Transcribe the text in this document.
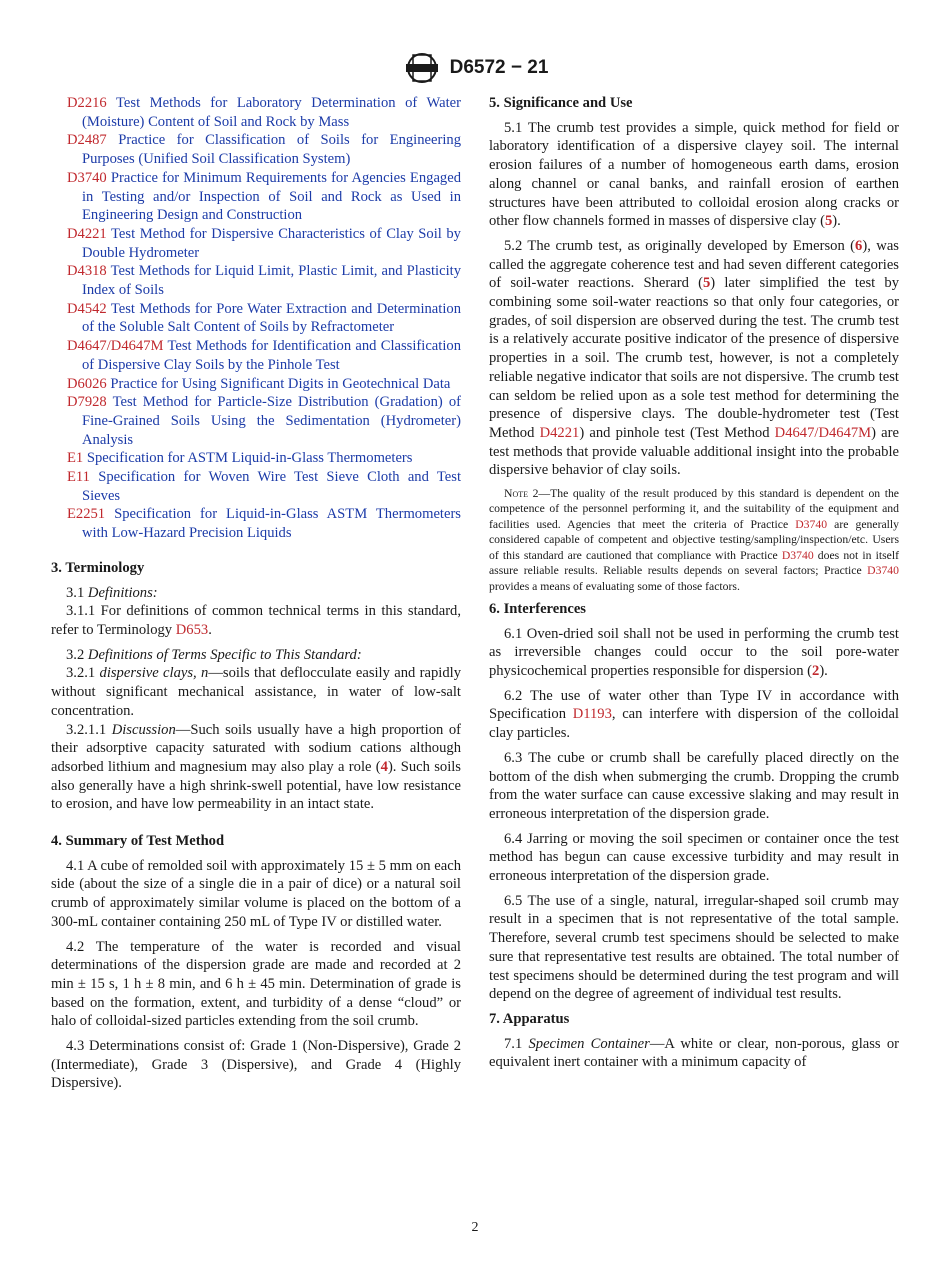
D6572 − 21

D2216 Test Methods for Laboratory Determination of Water (Moisture) Content of Soil and Rock by Mass

D2487 Practice for Classification of Soils for Engineering Purposes (Unified Soil Classification System)

D3740 Practice for Minimum Requirements for Agencies Engaged in Testing and/or Inspection of Soil and Rock as Used in Engineering Design and Construction

D4221 Test Method for Dispersive Characteristics of Clay Soil by Double Hydrometer

D4318 Test Methods for Liquid Limit, Plastic Limit, and Plasticity Index of Soils

D4542 Test Methods for Pore Water Extraction and Determination of the Soluble Salt Content of Soils by Refractometer

D4647/D4647M Test Methods for Identification and Classification of Dispersive Clay Soils by the Pinhole Test

D6026 Practice for Using Significant Digits in Geotechnical Data

D7928 Test Method for Particle-Size Distribution (Gradation) of Fine-Grained Soils Using the Sedimentation (Hydrometer) Analysis

E1 Specification for ASTM Liquid-in-Glass Thermometers

E11 Specification for Woven Wire Test Sieve Cloth and Test Sieves

E2251 Specification for Liquid-in-Glass ASTM Thermometers with Low-Hazard Precision Liquids

3. Terminology

3.1 Definitions:

3.1.1 For definitions of common technical terms in this standard, refer to Terminology D653.

3.2 Definitions of Terms Specific to This Standard:

3.2.1 dispersive clays, n—soils that deflocculate easily and rapidly without significant mechanical assistance, in water of low-salt concentration.

3.2.1.1 Discussion—Such soils usually have a high proportion of their adsorptive capacity saturated with sodium cations although adsorbed lithium and magnesium may also play a role (4). Such soils also generally have a high shrink-swell potential, have low resistance to erosion, and have low permeability in an intact state.

4. Summary of Test Method

4.1 A cube of remolded soil with approximately 15 ± 5 mm on each side (about the size of a single die in a pair of dice) or a natural soil crumb of approximately similar volume is placed on the bottom of a 300-mL container containing 250 mL of Type IV or distilled water.

4.2 The temperature of the water is recorded and visual determinations of the dispersion grade are made and recorded at 2 min ± 15 s, 1 h ± 8 min, and 6 h ± 45 min. Determination of grade is based on the formation, extent, and turbidity of a dense “cloud” or halo of colloidal-sized particles extending from the soil crumb.

4.3 Determinations consist of: Grade 1 (Non-Dispersive), Grade 2 (Intermediate), Grade 3 (Dispersive), and Grade 4 (Highly Dispersive).

5. Significance and Use

5.1 The crumb test provides a simple, quick method for field or laboratory identification of a dispersive clayey soil. The internal erosion failures of a number of homogeneous earth dams, erosion along channel or canal banks, and rainfall erosion of earthen structures have been attributed to colloidal erosion along cracks or other flow channels formed in masses of dispersive clay (5).

5.2 The crumb test, as originally developed by Emerson (6), was called the aggregate coherence test and had seven different categories of soil-water reactions. Sherard (5) later simplified the test by combining some soil-water reactions so that only four categories, or grades, of soil dispersion are observed during the test. The crumb test is a relatively accurate positive indicator of the presence of dispersive properties in a soil. The crumb test, however, is not a completely reliable negative indicator that soils are not dispersive. The crumb test can seldom be relied upon as a sole test method for determining the presence of dispersive clays. The double-hydrometer test (Test Method D4221) and pinhole test (Test Method D4647/D4647M) are test methods that provide valuable additional insight into the probable dispersive behavior of clay soils.

Note 2—The quality of the result produced by this standard is dependent on the competence of the personnel performing it, and the suitability of the equipment and facilities used. Agencies that meet the criteria of Practice D3740 are generally considered capable of competent and objective testing/sampling/inspection/etc. Users of this standard are cautioned that compliance with Practice D3740 does not in itself assure reliable results. Reliable results depends on several factors; Practice D3740 provides a means of evaluating some of those factors.

6. Interferences

6.1 Oven-dried soil shall not be used in performing the crumb test as irreversible changes could occur to the soil pore-water physicochemical properties responsible for dispersion (2).

6.2 The use of water other than Type IV in accordance with Specification D1193, can interfere with dispersion of the colloidal clay particles.

6.3 The cube or crumb shall be carefully placed directly on the bottom of the dish when submerging the crumb. Dropping the crumb from the water surface can cause excessive slaking and may result in erroneous interpretation of the dispersion grade.

6.4 Jarring or moving the soil specimen or container once the test method has begun can cause excessive turbidity and may result in erroneous interpretation of the dispersion grade.

6.5 The use of a single, natural, irregular-shaped soil crumb may result in a specimen that is not representative of the total sample. Therefore, several crumb test specimens should be selected to make sure that representative test results are obtained. The total number of test specimens should be determined during the test program and will depend on the degree of agreement of individual test results.

7. Apparatus

7.1 Specimen Container—A white or clear, non-porous, glass or equivalent inert container with a minimum capacity of

2
